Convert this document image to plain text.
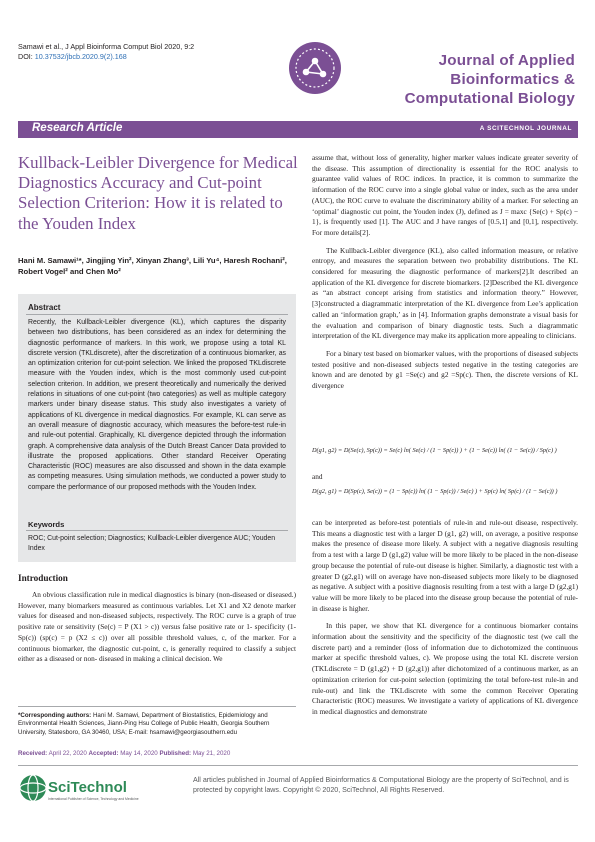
Samawi et al., J Appl Bioinforma Comput Biol 2020, 9:2
DOI: 10.37532/jbcb.2020.9(2).168	Journal of Applied
Bioinformatics &
Computational Biology
Research Article	A SCITECHNOL JOURNAL
Kullback-Leibler Divergence for Medical Diagnostics Accuracy and Cut-point Selection Criterion: How it is related to the Youden Index
Hani M. Samawi¹*, Jingjing Yin², Xinyan Zhang³, Lili Yu⁴, Haresh Rochani², Robert Vogel² and Chen Mo²
Abstract
Recently, the Kullback-Leibler divergence (KL), which captures the disparity between two distributions, has been considered as an index for determining the diagnostic performance of markers. In this work, we propose using a total KL discrete version (TKLdiscrete), after the discretization of a continuous biomarker, as an optimization criterion for cut-point selection. We linked the proposed TKLdiscrete measure with the Youden index, which is the most commonly used cut-point selection criterion. In addition, we present theoretically and numerically the derived relations in situations of one cut-point (two categories) as well as multiple category markers under binary disease status. This study also investigates a variety of applications of KL divergence in medical diagnostics. For example, KL can serve as an overall measure of diagnostic accuracy, which measures the before-test rule-in and rule-out potential. Graphically, KL divergence depicted through the information graph. A comprehensive data analysis of the Dutch Breast Cancer Data provided to illustrate the proposed applications. Other standard Receiver Operating Characteristic (ROC) measures are also discussed and shown in the data example as competing measures. Using simulation methods, we conducted a power study to compare the performance of our proposed methods with the Youden Index.
Keywords
ROC; Cut-point selection; Diagnostics; Kullback-Leibler divergence AUC; Youden Index
Introduction

An obvious classification rule in medical diagnostics is binary (non-diseased or diseased.) However, many biomarkers measured as continuous variables. Let X1 and X2 denote marker values for diseased and non-diseased subjects, respectively. The ROC curve is a graph of true positive rate or sensitivity (Se(c) = P (X1 > c)) versus false positive rate or 1- specificity (1-Sp(c)) (sp(c) = p (X2 ≤ c)) over all possible threshold values, c, of the marker. For a continuous biomarker, the diagnostic cut-point, c, is generally required to classify a subject either as a diseased or non- diseased in making a clinical decision. We

*Corresponding authors: Hani M. Samawi, Department of Biostatistics, Epidemiology and Environmental Health Sciences, Jiann-Ping Hsu College of Public Health, Georgia Southern University, Statesboro, GA 30460, USA; E-mail: hsamawi@georgiasouthern.edu
Received: April 22, 2020 Accepted: May 14, 2020 Published: May 21, 2020

assume that, without loss of generality, higher marker values indicate greater severity of the disease. This assumption of directionality is essential for the ROC analysis to guarantee valid values of ROC indices. In practice, it is common to summarize the information of the ROC curve into a single global value or index, such as the area under (AUC), the ROC curve to evaluate the discriminatory ability of a marker. For selecting an ‘optimal’ diagnostic cut point, the Youden index (J), defined as J = maxc {Se(c) + Sp(c) − 1}, is frequently used [1]. The AUC and J have ranges of [0.5,1] and [0,1], respectively. For more details[2].

The Kullback-Leibler divergence (KL), also called information measure, or relative entropy, and measures the separation between two probability distributions. The KL considered for measuring the diagnostic performance of markers[2].It described an application of the KL divergence for discrete biomarkers. [2]Described the KL divergence as “an abstract concept arising from statistics and information theory.” However, [3]constructed a diagrammatic interpretation of the KL divergence from Lee’s application called an ‘information graph,’ as in [4]. Information graphs demonstrate a visual basis for the evaluation and comparison of binary diagnostic tests. Such a diagrammatic interpretation of the KL divergence may make its application more appealing to clinicians.

For a binary test based on biomarker values, with the proportions of diseased subjects tested positive and non-diseased subjects tested negative in the testing categories are known and are denoted by g1 =Se(c) and g2 =Sp(c). Then, the discrete versions of KL divergence

D(g1, g2) = D(Se(c), Sp(c)) = Se(c) ln( Se(c) / (1 − Sp(c)) ) + (1 − Se(c)) ln( (1 − Se(c)) / Sp(c) )
and
D(g2, g1) = D(Sp(c), Se(c)) = (1 − Sp(c)) ln( (1 − Sp(c)) / Se(c) ) + Sp(c) ln( Sp(c) / (1 − Se(c)) )

can be interpreted as before-test potentials of rule-in and rule-out disease, respectively. This means a diagnostic test with a larger D (g1, g2) will, on average, a positive response makes the presence of disease more likely. A subject with a negative diagnosis resulting from a test with a large D (g1,g2) value will be more likely to be placed in the non-disease group because the potential of rule-out disease is higher. Similarly, a diagnostic test with a greater D (g2,g1) will on average have non-diseased subjects more likely to be diagnosed as negative. A subject with a positive diagnosis resulting from a test with a large D (g2,g1) value will be more likely to be placed into the disease group because the potential of rule-in disease is higher.

In this paper, we show that KL divergence for a continuous biomarker contains information about the sensitivity and the specificity of the diagnostic test (we call the discrete part) and a reminder (loss of information due to dichotomized the continuous marker at specific threshold values, c). We propose using the total KL discrete version (TKLdiscrete = D (g1,g2) + D (g2,g1)) after dichotomized of a continuous marker, as an optimization criterion for cut-point selection (optimizing the total before-test rule-in and rule-out) and link the TKLdiscrete with some the common Receiver Operating Characteristic (ROC) measures. We investigate a variety of applications of KL divergence in medical diagnostics and demonstrate

SciTechnol
International Publisher of Science, Technology and Medicine
All articles published in Journal of Applied Bioinformatics & Computational Biology are the property of SciTechnol, and is protected by copyright laws. Copyright © 2020, SciTechnol, All Rights Reserved.
